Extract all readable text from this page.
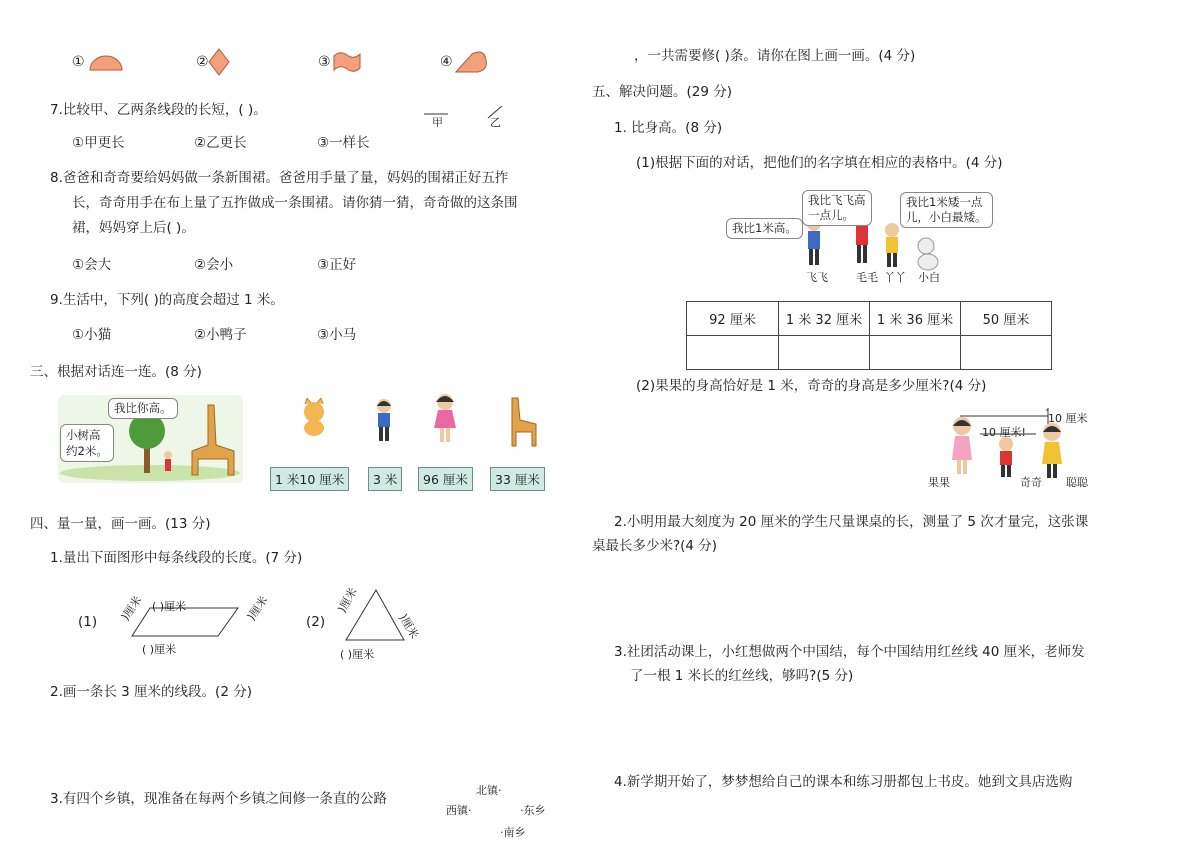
①	②	③	④
7.比较甲、乙两条线段的长短，( )。
甲	乙
①甲更长	②乙更长	③一样长
8.爸爸和奇奇要给妈妈做一条新围裙。爸爸用手量了量，妈妈的围裙正好五拃
长，奇奇用手在布上量了五拃做成一条围裙。请你猜一猜，奇奇做的这条围
裙，妈妈穿上后( )。
①会大	②会小	③正好
9.生活中，下列( )的高度会超过 1 米。
①小猫	②小鸭子	③小马
三、根据对话连一连。(8 分)
小树高
约2米。
我比你高。
1 米10 厘米	3 米	96 厘米	33 厘米
四、量一量，画一画。(13 分)
1.量出下面图形中每条线段的长度。(7 分)
(1)
( )厘米
( )厘米
)厘米	)厘米	(2)
)厘米
)厘米
( )厘米
2.画一条长 3 厘米的线段。(2 分)
3.有四个乡镇，现准备在每两个乡镇之间修一条直的公路
北镇·
西镇·	·东乡
·南乡
，一共需要修( )条。请你在图上画一画。(4 分)
五、解决问题。(29 分)
1. 比身高。(8 分)
(1)根据下面的对话，把他们的名字填在相应的表格中。(4 分)
我比1米高。
我比飞飞高
一点儿。
我比1米矮一点
儿，小白最矮。
飞飞	毛毛 丫丫 小白
92 厘米	1 米 32 厘米	1 米 36 厘米	50 厘米

(2)果果的身高恰好是 1 米，奇奇的身高是多少厘米?(4 分)
10 厘米
10 厘米!
果果	奇奇 聪聪
2.小明用最大刻度为 20 厘米的学生尺量课桌的长，测量了 5 次才量完，这张课
桌最长多少米?(4 分)
3.社团活动课上，小红想做两个中国结，每个中国结用红丝线 40 厘米，老师发
了一根 1 米长的红丝线，够吗?(5 分)
4.新学期开始了，梦梦想给自己的课本和练习册都包上书皮。她到文具店选购
